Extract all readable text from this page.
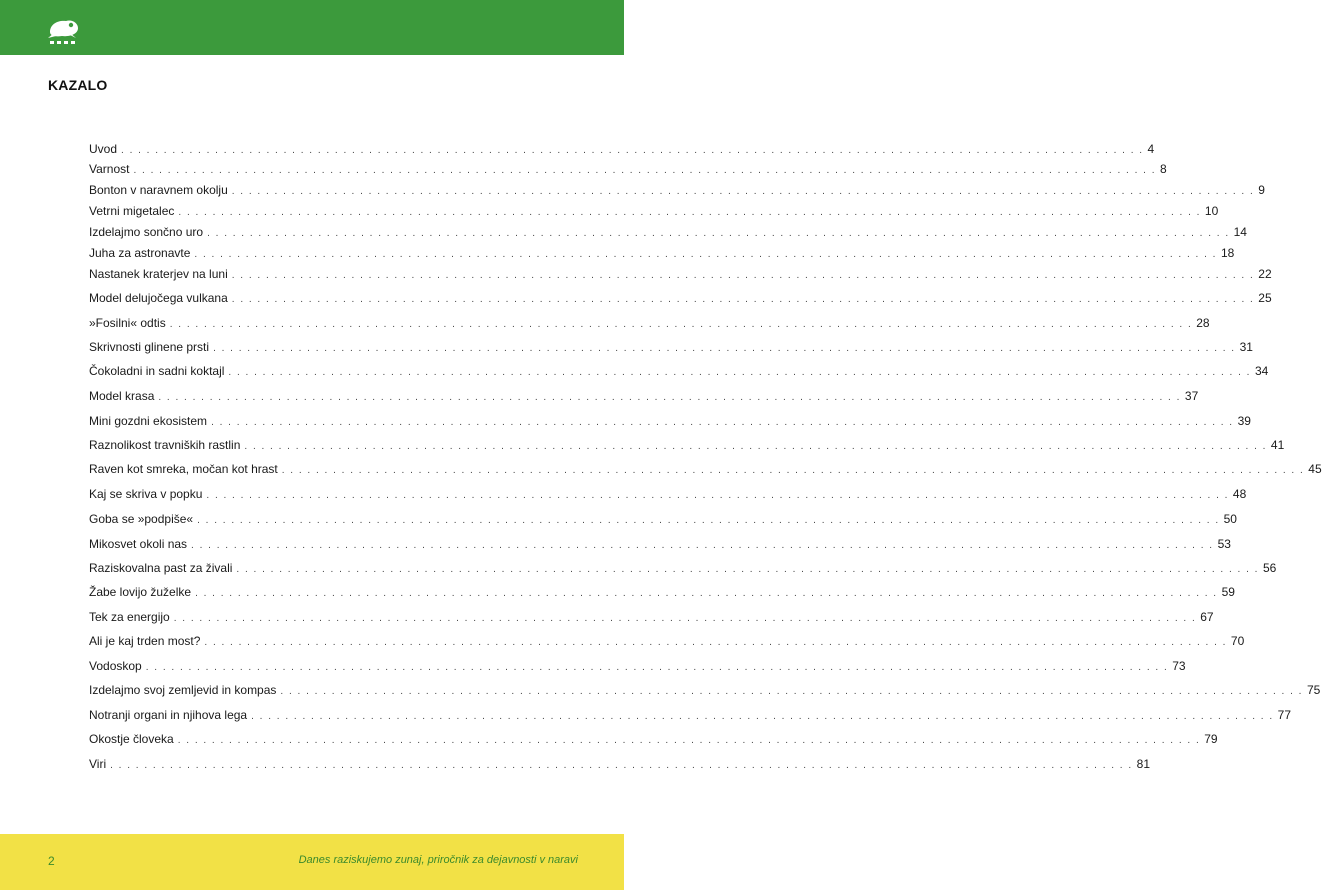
KAZALO
Uvod . . . . . . . . . . . . . . . . . . . . . . . . . . . . . . . . . . . . . . . . . . . . . . . . . . . . . . . . . . . . . . . . . . . . . . . . . . . . . . . . . . . . . . . . . . . . . . . . . . . . . . . . . . . . . . . . . . . . . . . . 4
Varnost . . . . . . . . . . . . . . . . . . . . . . . . . . . . . . . . . . . . . . . . . . . . . . . . . . . . . . . . . . . . . . . . . . . . . . . . . . . . . . . . . . . . . . . . . . . . . . . . . . . . . . . . . . . . . . . . . . . . . . . . 8
Bonton v naravnem okolju . . . . . . . . . . . . . . . . . . . . . . . . . . . . . . . . . . . . . . . . . . . . . . . . . . . . . . . . . . . . . . . . . . . . . . . . . . . . . . . . . . . . . . . . . . . . . . . . . . . . . . . . . . . . . . . . . . . . . . . . 9
Vetrni migetalec . . . . . . . . . . . . . . . . . . . . . . . . . . . . . . . . . . . . . . . . . . . . . . . . . . . . . . . . . . . . . . . . . . . . . . . . . . . . . . . . . . . . . . . . . . . . . . . . . . . . . . . . . . . . . . . . . . . . . . . . 10
Izdelajmo sončno uro . . . . . . . . . . . . . . . . . . . . . . . . . . . . . . . . . . . . . . . . . . . . . . . . . . . . . . . . . . . . . . . . . . . . . . . . . . . . . . . . . . . . . . . . . . . . . . . . . . . . . . . . . . . . . . . . . . . . . . . . 14
Juha za astronavte . . . . . . . . . . . . . . . . . . . . . . . . . . . . . . . . . . . . . . . . . . . . . . . . . . . . . . . . . . . . . . . . . . . . . . . . . . . . . . . . . . . . . . . . . . . . . . . . . . . . . . . . . . . . . . . . . . . . . . . . 18
Nastanek kraterjev na luni . . . . . . . . . . . . . . . . . . . . . . . . . . . . . . . . . . . . . . . . . . . . . . . . . . . . . . . . . . . . . . . . . . . . . . . . . . . . . . . . . . . . . . . . . . . . . . . . . . . . . . . . . . . . . . . . . . . . . . . . 22
Model delujočega vulkana . . . . . . . . . . . . . . . . . . . . . . . . . . . . . . . . . . . . . . . . . . . . . . . . . . . . . . . . . . . . . . . . . . . . . . . . . . . . . . . . . . . . . . . . . . . . . . . . . . . . . . . . . . . . . . . . . . . . . . . . 25
»Fosilni« odtis . . . . . . . . . . . . . . . . . . . . . . . . . . . . . . . . . . . . . . . . . . . . . . . . . . . . . . . . . . . . . . . . . . . . . . . . . . . . . . . . . . . . . . . . . . . . . . . . . . . . . . . . . . . . . . . . . . . . . . . . 28
Skrivnosti glinene prsti . . . . . . . . . . . . . . . . . . . . . . . . . . . . . . . . . . . . . . . . . . . . . . . . . . . . . . . . . . . . . . . . . . . . . . . . . . . . . . . . . . . . . . . . . . . . . . . . . . . . . . . . . . . . . . . . . . . . . . . . 31
Čokoladni in sadni koktajl . . . . . . . . . . . . . . . . . . . . . . . . . . . . . . . . . . . . . . . . . . . . . . . . . . . . . . . . . . . . . . . . . . . . . . . . . . . . . . . . . . . . . . . . . . . . . . . . . . . . . . . . . . . . . . . . . . . . . . . . 34
Model krasa . . . . . . . . . . . . . . . . . . . . . . . . . . . . . . . . . . . . . . . . . . . . . . . . . . . . . . . . . . . . . . . . . . . . . . . . . . . . . . . . . . . . . . . . . . . . . . . . . . . . . . . . . . . . . . . . . . . . . . . . 37
Mini gozdni ekosistem . . . . . . . . . . . . . . . . . . . . . . . . . . . . . . . . . . . . . . . . . . . . . . . . . . . . . . . . . . . . . . . . . . . . . . . . . . . . . . . . . . . . . . . . . . . . . . . . . . . . . . . . . . . . . . . . . . . . . . . . 39
Raznolikost travniških rastlin . . . . . . . . . . . . . . . . . . . . . . . . . . . . . . . . . . . . . . . . . . . . . . . . . . . . . . . . . . . . . . . . . . . . . . . . . . . . . . . . . . . . . . . . . . . . . . . . . . . . . . . . . . . . . . . . . . . . . . . . 41
Raven kot smreka, močan kot hrast . . . . . . . . . . . . . . . . . . . . . . . . . . . . . . . . . . . . . . . . . . . . . . . . . . . . . . . . . . . . . . . . . . . . . . . . . . . . . . . . . . . . . . . . . . . . . . . . . . . . . . . . . . . . . . . . . . . . . . . . 45
Kaj se skriva v popku . . . . . . . . . . . . . . . . . . . . . . . . . . . . . . . . . . . . . . . . . . . . . . . . . . . . . . . . . . . . . . . . . . . . . . . . . . . . . . . . . . . . . . . . . . . . . . . . . . . . . . . . . . . . . . . . . . . . . . . . 48
Goba se »podpiše« . . . . . . . . . . . . . . . . . . . . . . . . . . . . . . . . . . . . . . . . . . . . . . . . . . . . . . . . . . . . . . . . . . . . . . . . . . . . . . . . . . . . . . . . . . . . . . . . . . . . . . . . . . . . . . . . . . . . . . . . 50
Mikosvet okoli nas . . . . . . . . . . . . . . . . . . . . . . . . . . . . . . . . . . . . . . . . . . . . . . . . . . . . . . . . . . . . . . . . . . . . . . . . . . . . . . . . . . . . . . . . . . . . . . . . . . . . . . . . . . . . . . . . . . . . . . . . 53
Raziskovalna past za živali . . . . . . . . . . . . . . . . . . . . . . . . . . . . . . . . . . . . . . . . . . . . . . . . . . . . . . . . . . . . . . . . . . . . . . . . . . . . . . . . . . . . . . . . . . . . . . . . . . . . . . . . . . . . . . . . . . . . . . . . 56
Žabe lovijo žuželke . . . . . . . . . . . . . . . . . . . . . . . . . . . . . . . . . . . . . . . . . . . . . . . . . . . . . . . . . . . . . . . . . . . . . . . . . . . . . . . . . . . . . . . . . . . . . . . . . . . . . . . . . . . . . . . . . . . . . . . . 59
Tek za energijo . . . . . . . . . . . . . . . . . . . . . . . . . . . . . . . . . . . . . . . . . . . . . . . . . . . . . . . . . . . . . . . . . . . . . . . . . . . . . . . . . . . . . . . . . . . . . . . . . . . . . . . . . . . . . . . . . . . . . . . . 67
Ali je kaj trden most? . . . . . . . . . . . . . . . . . . . . . . . . . . . . . . . . . . . . . . . . . . . . . . . . . . . . . . . . . . . . . . . . . . . . . . . . . . . . . . . . . . . . . . . . . . . . . . . . . . . . . . . . . . . . . . . . . . . . . . . . 70
Vodoskop . . . . . . . . . . . . . . . . . . . . . . . . . . . . . . . . . . . . . . . . . . . . . . . . . . . . . . . . . . . . . . . . . . . . . . . . . . . . . . . . . . . . . . . . . . . . . . . . . . . . . . . . . . . . . . . . . . . . . . . . 73
Izdelajmo svoj zemljevid in kompas . . . . . . . . . . . . . . . . . . . . . . . . . . . . . . . . . . . . . . . . . . . . . . . . . . . . . . . . . . . . . . . . . . . . . . . . . . . . . . . . . . . . . . . . . . . . . . . . . . . . . . . . . . . . . . . . . . . . . . . . 75
Notranji organi in njihova lega . . . . . . . . . . . . . . . . . . . . . . . . . . . . . . . . . . . . . . . . . . . . . . . . . . . . . . . . . . . . . . . . . . . . . . . . . . . . . . . . . . . . . . . . . . . . . . . . . . . . . . . . . . . . . . . . . . . . . . . . 77
Okostje človeka . . . . . . . . . . . . . . . . . . . . . . . . . . . . . . . . . . . . . . . . . . . . . . . . . . . . . . . . . . . . . . . . . . . . . . . . . . . . . . . . . . . . . . . . . . . . . . . . . . . . . . . . . . . . . . . . . . . . . . . . 79
Viri . . . . . . . . . . . . . . . . . . . . . . . . . . . . . . . . . . . . . . . . . . . . . . . . . . . . . . . . . . . . . . . . . . . . . . . . . . . . . . . . . . . . . . . . . . . . . . . . . . . . . . . . . . . . . . . . . . . . . . . . 81
2	Danes raziskujemo zunaj, priročnik za dejavnosti v naravi
